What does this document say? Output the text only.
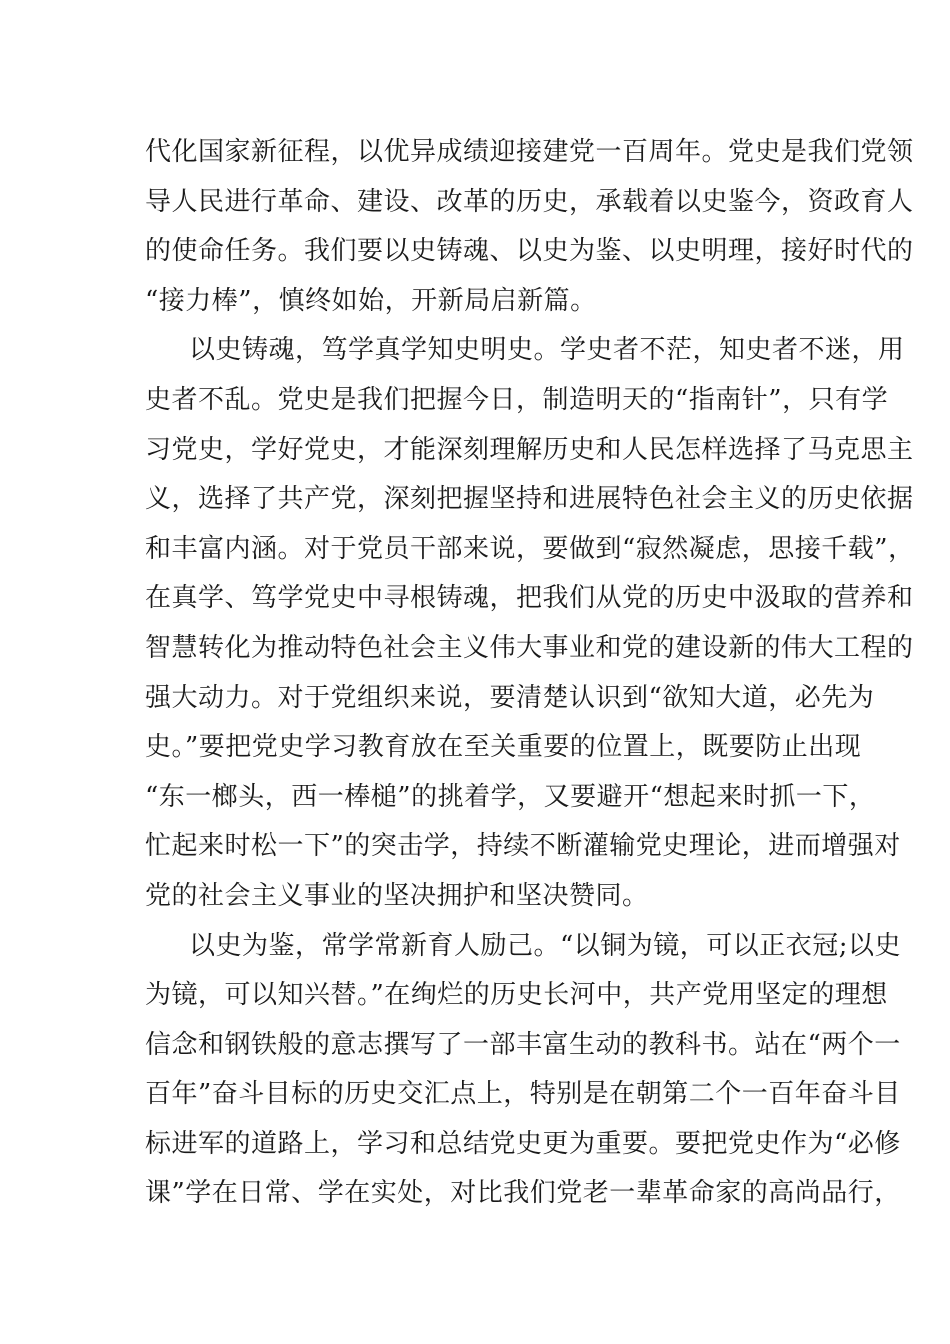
代化国家新征程，以优异成绩迎接建党一百周年。党史是我们党领
导人民进行革命、建设、改革的历史，承载着以史鉴今，资政育人
的使命任务。我们要以史铸魂、以史为鉴、以史明理，接好时代的
“接力棒”，慎终如始，开新局启新篇。
以史铸魂，笃学真学知史明史。学史者不茫，知史者不迷，用
史者不乱。党史是我们把握今日，制造明天的“指南针”，只有学
习党史，学好党史，才能深刻理解历史和人民怎样选择了马克思主
义，选择了共产党，深刻把握坚持和进展特色社会主义的历史依据
和丰富内涵。对于党员干部来说，要做到“寂然凝虑，思接千载”，
在真学、笃学党史中寻根铸魂，把我们从党的历史中汲取的营养和
智慧转化为推动特色社会主义伟大事业和党的建设新的伟大工程的
强大动力。对于党组织来说，要清楚认识到“欲知大道，必先为
史。”要把党史学习教育放在至关重要的位置上，既要防止出现
“东一榔头，西一棒槌”的挑着学，又要避开“想起来时抓一下，
忙起来时松一下”的突击学，持续不断灌输党史理论，进而增强对
党的社会主义事业的坚决拥护和坚决赞同。
以史为鉴，常学常新育人励己。“以铜为镜，可以正衣冠;以史
为镜，可以知兴替。”在绚烂的历史长河中，共产党用坚定的理想
信念和钢铁般的意志撰写了一部丰富生动的教科书。站在“两个一
百年”奋斗目标的历史交汇点上，特别是在朝第二个一百年奋斗目
标进军的道路上，学习和总结党史更为重要。要把党史作为“必修
课”学在日常、学在实处，对比我们党老一辈革命家的高尚品行，
